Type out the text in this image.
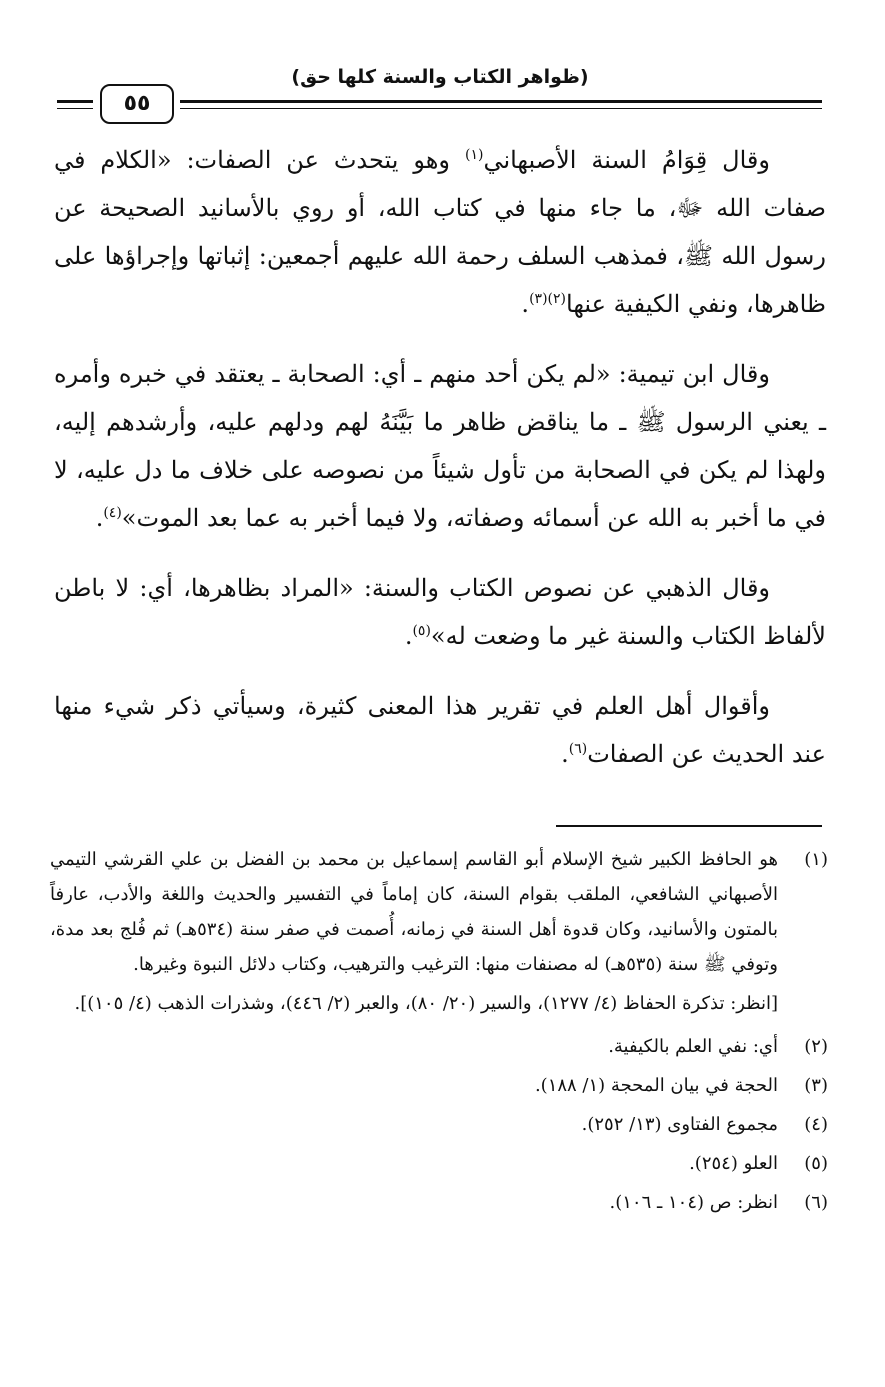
(ظواهر الكتاب والسنة كلها حق)
٥٥

وقال قِوَامُ السنة الأصبهاني$^{(١)}$ وهو يتحدث عن الصفات: «الكلام في صفات الله ﷻ، ما جاء منها في كتاب الله، أو روي بالأسانيد الصحيحة عن رسول الله ﷺ، فمذهب السلف رحمة الله عليهم أجمعين: إثباتها وإجراؤها على ظاهرها، ونفي الكيفية عنها$^{(٢)(٣)}$.

وقال ابن تيمية: «لم يكن أحد منهم ـ أي: الصحابة ـ يعتقد في خبره وأمره ـ يعني الرسول ﷺ ـ ما يناقض ظاهر ما بَيَّنَهُ لهم ودلهم عليه، وأرشدهم إليه، ولهذا لم يكن في الصحابة من تأول شيئاً من نصوصه على خلاف ما دل عليه، لا في ما أخبر به الله عن أسمائه وصفاته، ولا فيما أخبر به عما بعد الموت»$^{(٤)}$.

وقال الذهبي عن نصوص الكتاب والسنة: «المراد بظاهرها، أي: لا باطن لألفاظ الكتاب والسنة غير ما وضعت له»$^{(٥)}$.

وأقوال أهل العلم في تقرير هذا المعنى كثيرة، وسيأتي ذكر شيء منها عند الحديث عن الصفات$^{(٦)}$.

(١)
هو الحافظ الكبير شيخ الإسلام أبو القاسم إسماعيل بن محمد بن الفضل بن علي القرشي التيمي الأصبهاني الشافعي، الملقب بقوام السنة، كان إماماً في التفسير والحديث واللغة والأدب، عارفاً بالمتون والأسانيد، وكان قدوة أهل السنة في زمانه، أُصمت في صفر سنة (٥٣٤هـ) ثم فُلج بعد مدة، وتوفي ﷺ سنة (٥٣٥هـ) له مصنفات منها: الترغيب والترهيب، وكتاب دلائل النبوة وغيرها.
[انظر: تذكرة الحفاظ (٤/ ١٢٧٧)، والسير (٢٠/ ٨٠)، والعبر (٢/ ٤٤٦)، وشذرات الذهب (٤/ ١٠٥)].
(٢)
أي: نفي العلم بالكيفية.
(٣)
الحجة في بيان المحجة (١/ ١٨٨).
(٤)
مجموع الفتاوى (١٣/ ٢٥٢).
(٥)
العلو (٢٥٤).
(٦)
انظر: ص (١٠٤ ـ ١٠٦).
